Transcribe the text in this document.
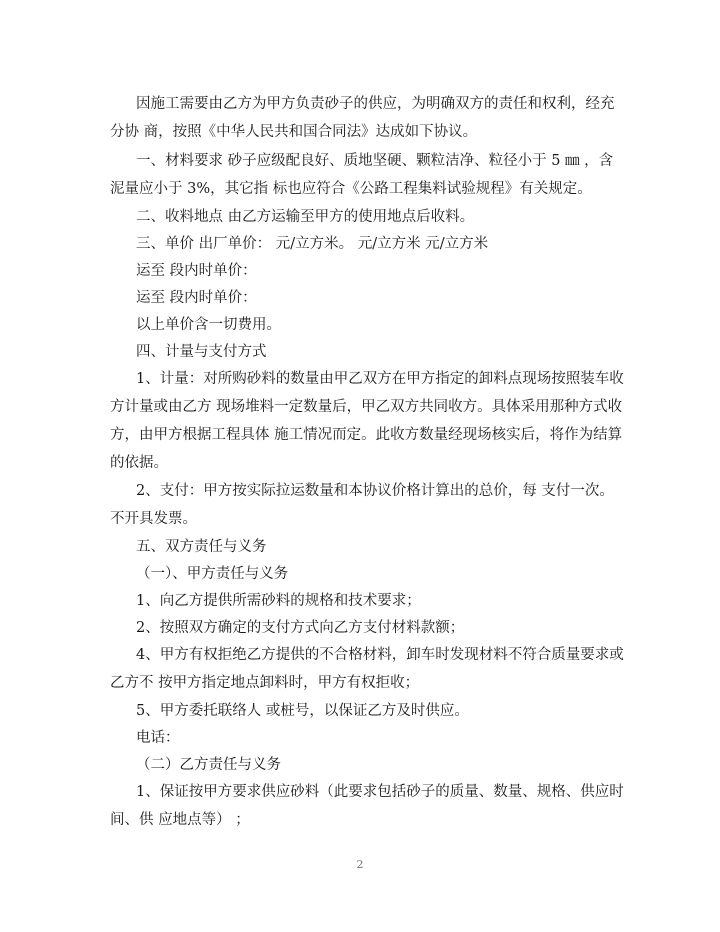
因施工需要由乙方为甲方负责砂子的供应，为明确双方的责任和权利，经充
分协 商，按照《中华人民共和国合同法》达成如下协议。
一、材料要求 砂子应级配良好、质地坚硬、颗粒洁净、粒径小于 5 ㎜ ，含
泥量应小于 3%，其它指 标也应符合《公路工程集料试验规程》有关规定。
二、收料地点 由乙方运输至甲方的使用地点后收料。
三、单价 出厂单价： 元/立方米。 元/立方米 元/立方米
运至 段内时单价：
运至 段内时单价：
以上单价含一切费用。
四、计量与支付方式
1、计量：对所购砂料的数量由甲乙双方在甲方指定的卸料点现场按照装车收
方计量或由乙方 现场堆料一定数量后，甲乙双方共同收方。具体采用那种方式收
方，由甲方根据工程具体 施工情况而定。此收方数量经现场核实后，将作为结算
的依据。
2、支付：甲方按实际拉运数量和本协议价格计算出的总价，每 支付一次。
不开具发票。
五、双方责任与义务
（一）、甲方责任与义务
1、向乙方提供所需砂料的规格和技术要求；
2、按照双方确定的支付方式向乙方支付材料款额；
4、甲方有权拒绝乙方提供的不合格材料，卸车时发现材料不符合质量要求或
乙方不 按甲方指定地点卸料时，甲方有权拒收；
5、甲方委托联络人 或桩号，以保证乙方及时供应。
电话：
（二）乙方责任与义务
1、保证按甲方要求供应砂料（此要求包括砂子的质量、数量、规格、供应时
间、供 应地点等） ；
2
